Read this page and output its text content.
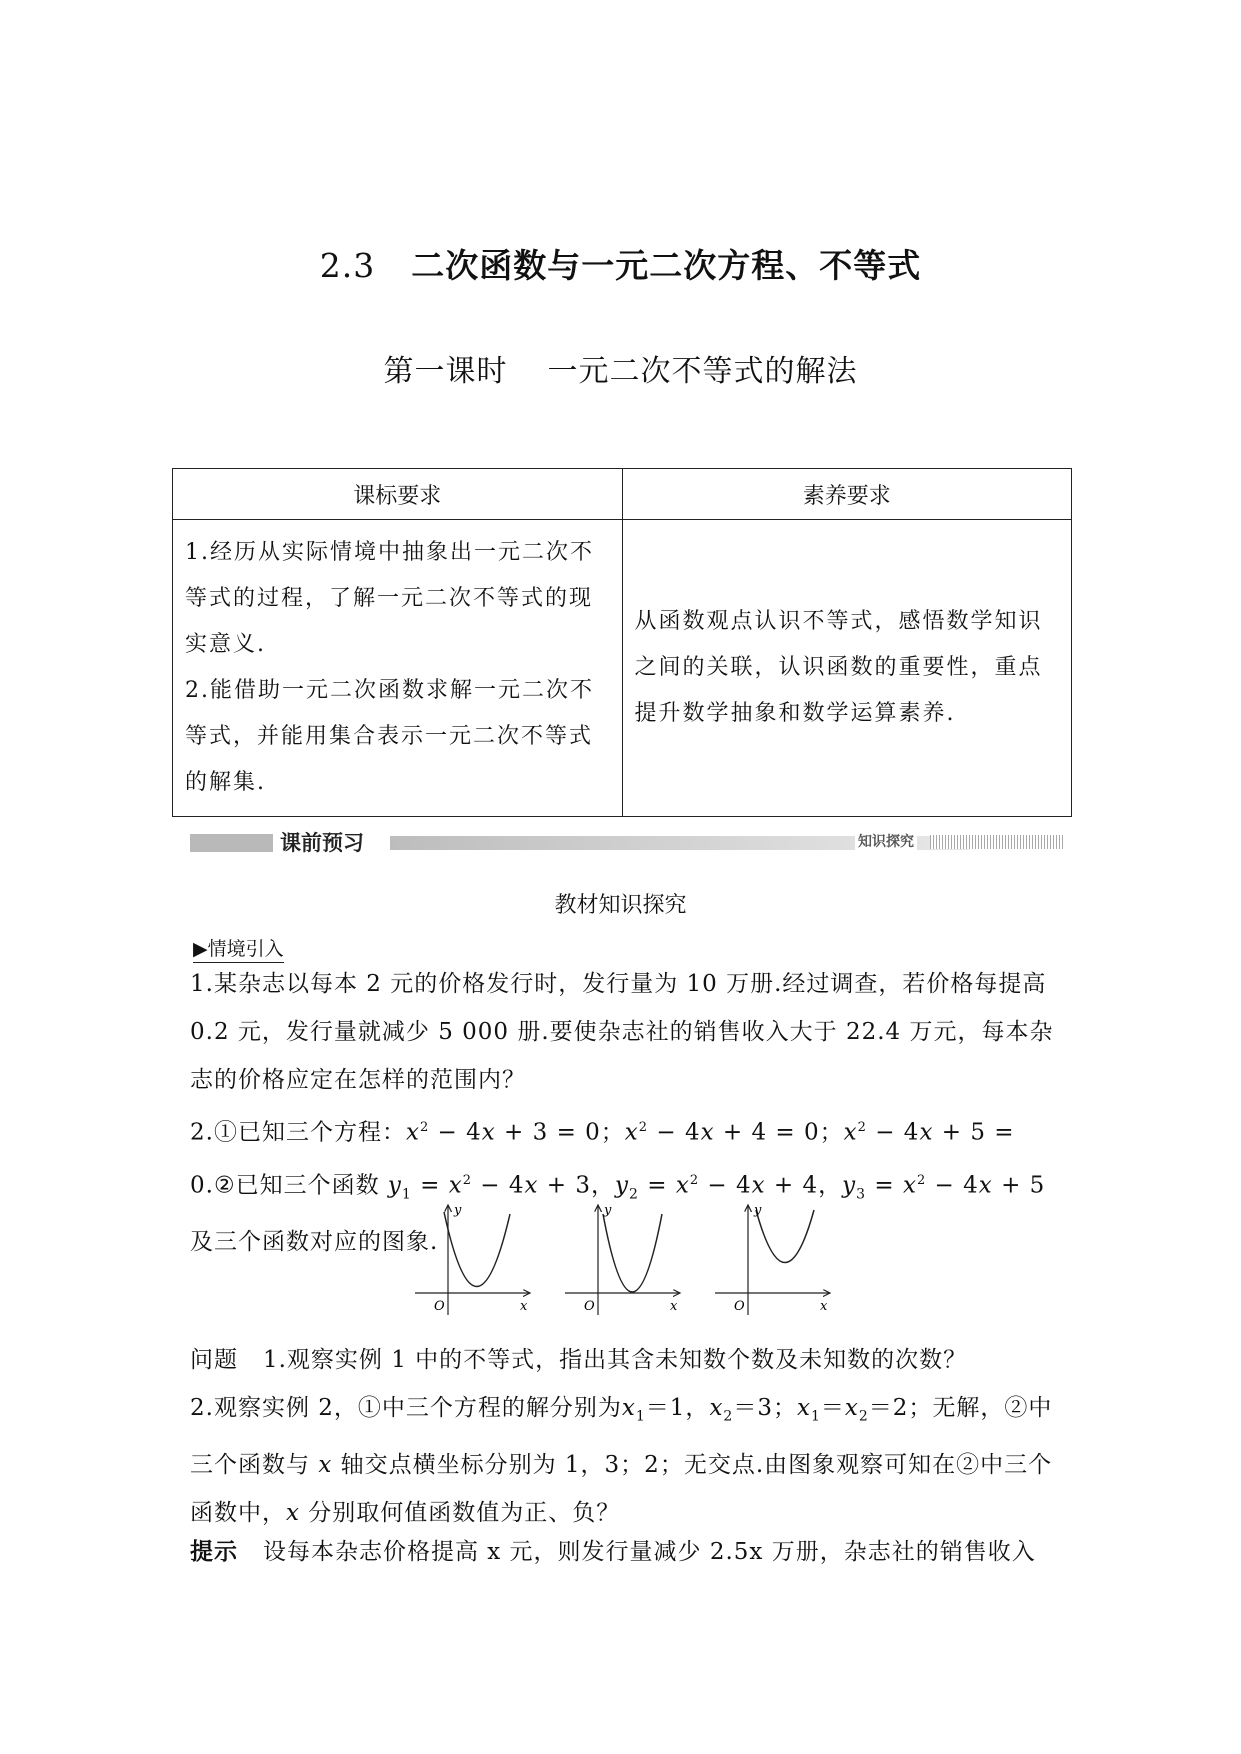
2.3 二次函数与一元二次方程、不等式
第一课时 一元二次不等式的解法
课标要求	素养要求

1.经历从实际情境中抽象出一元二次不等式的过程，了解一元二次不等式的现实意义.
2.能借助一元二次函数求解一元二次不等式，并能用集合表示一元二次不等式的解集.	从函数观点认识不等式，感悟数学知识之间的关联，认识函数的重要性，重点提升数学抽象和数学运算素养.
课前预习	知识探究
教材知识探究
▶情境引入
1.某杂志以每本 2 元的价格发行时，发行量为 10 万册.经过调查，若价格每提高 0.2 元，发行量就减少 5 000 册.要使杂志社的销售收入大于 22.4 万元，每本杂志的价格应定在怎样的范围内？
2.①已知三个方程：$x^2 - 4x + 3 = 0$；$x^2 - 4x + 4 = 0$；$x^2 - 4x + 5$ = 0.②已知三个函数 $y_1 = x^2 - 4x + 3$，$y_2 = x^2 - 4x + 4$，$y_3 = x^2 - 4x + 5$ 及三个函数对应的图象.
y
O	x
y
O	x
y
O	x
问题 1.观察实例 1 中的不等式，指出其含未知数个数及未知数的次数？
2.观察实例 2，①中三个方程的解分别为$x_1=1$，$x_2=3$；$x_1=x_2=2$；无解，②中三个函数与 x 轴交点横坐标分别为 1，3；2；无交点.由图象观察可知在②中三个函数中，x 分别取何值函数值为正、负？
提示 设每本杂志价格提高 x 元，则发行量减少 2.5x 万册，杂志社的销售收入
